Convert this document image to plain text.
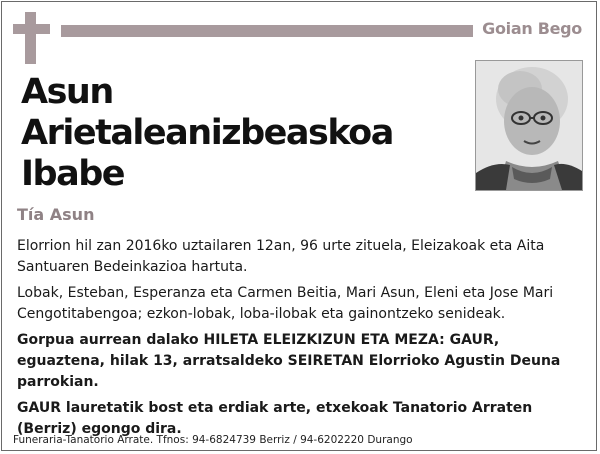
Goian Bego
Asun Arietaleanizbeaskoa
Ibabe
Tía Asun

Elorrion hil zan 2016ko uztailaren 12an, 96 urte zituela, Eleizakoak eta Aita Santuaren Bedeinkazioa hartuta.

Lobak, Esteban, Esperanza eta Carmen Beitia, Mari Asun, Eleni eta Jose Mari Cengotitabengoa; ezkon-lobak, loba-ilobak eta gainontzeko senideak.

Gorpua aurrean dalako HILETA ELEIZKIZUN ETA MEZA: GAUR, eguaztena, hilak 13, arratsaldeko SEIRETAN Elorrioko Agustin Deuna parrokian.

GAUR lauretatik bost eta erdiak arte, etxekoak Tanatorio Arraten (Berriz) egongo dira.

Funeraria-Tanatorio Arrate. Tfnos: 94-6824739 Berriz / 94-6202220 Durango
